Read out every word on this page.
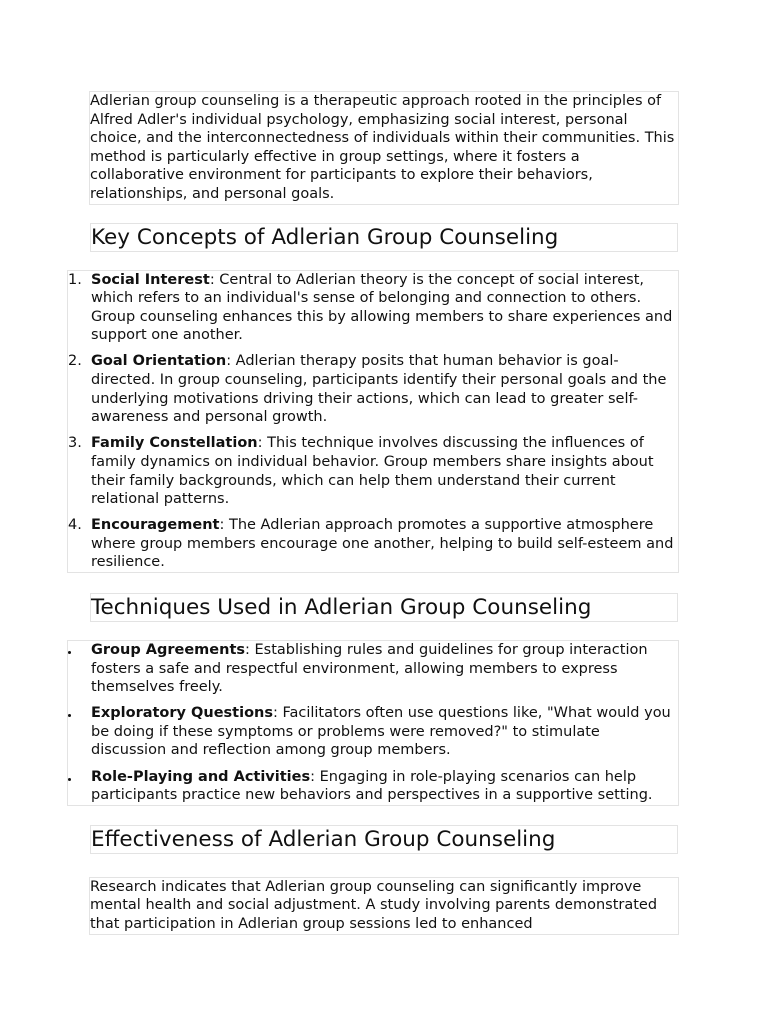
Adlerian group counseling is a therapeutic approach rooted in the principles of Alfred Adler's individual psychology, emphasizing social interest, personal choice, and the interconnectedness of individuals within their communities. This method is particularly effective in group settings, where it fosters a collaborative environment for participants to explore their behaviors, relationships, and personal goals.

Key Concepts of Adlerian Group Counseling
1. Social Interest: Central to Adlerian theory is the concept of social interest, which refers to an individual's sense of belonging and connection to others. Group counseling enhances this by allowing members to share experiences and support one another.
2. Goal Orientation: Adlerian therapy posits that human behavior is goal-directed. In group counseling, participants identify their personal goals and the underlying motivations driving their actions, which can lead to greater self-awareness and personal growth.
3. Family Constellation: This technique involves discussing the influences of family dynamics on individual behavior. Group members share insights about their family backgrounds, which can help them understand their current relational patterns.
4. Encouragement: The Adlerian approach promotes a supportive atmosphere where group members encourage one another, helping to build self-esteem and resilience.
Techniques Used in Adlerian Group Counseling
Group Agreements: Establishing rules and guidelines for group interaction fosters a safe and respectful environment, allowing members to express themselves freely.
Exploratory Questions: Facilitators often use questions like, "What would you be doing if these symptoms or problems were removed?" to stimulate discussion and reflection among group members.
Role-Playing and Activities: Engaging in role-playing scenarios can help participants practice new behaviors and perspectives in a supportive setting.
Effectiveness of Adlerian Group Counseling

Research indicates that Adlerian group counseling can significantly improve mental health and social adjustment. A study involving parents demonstrated that participation in Adlerian group sessions led to enhanced
